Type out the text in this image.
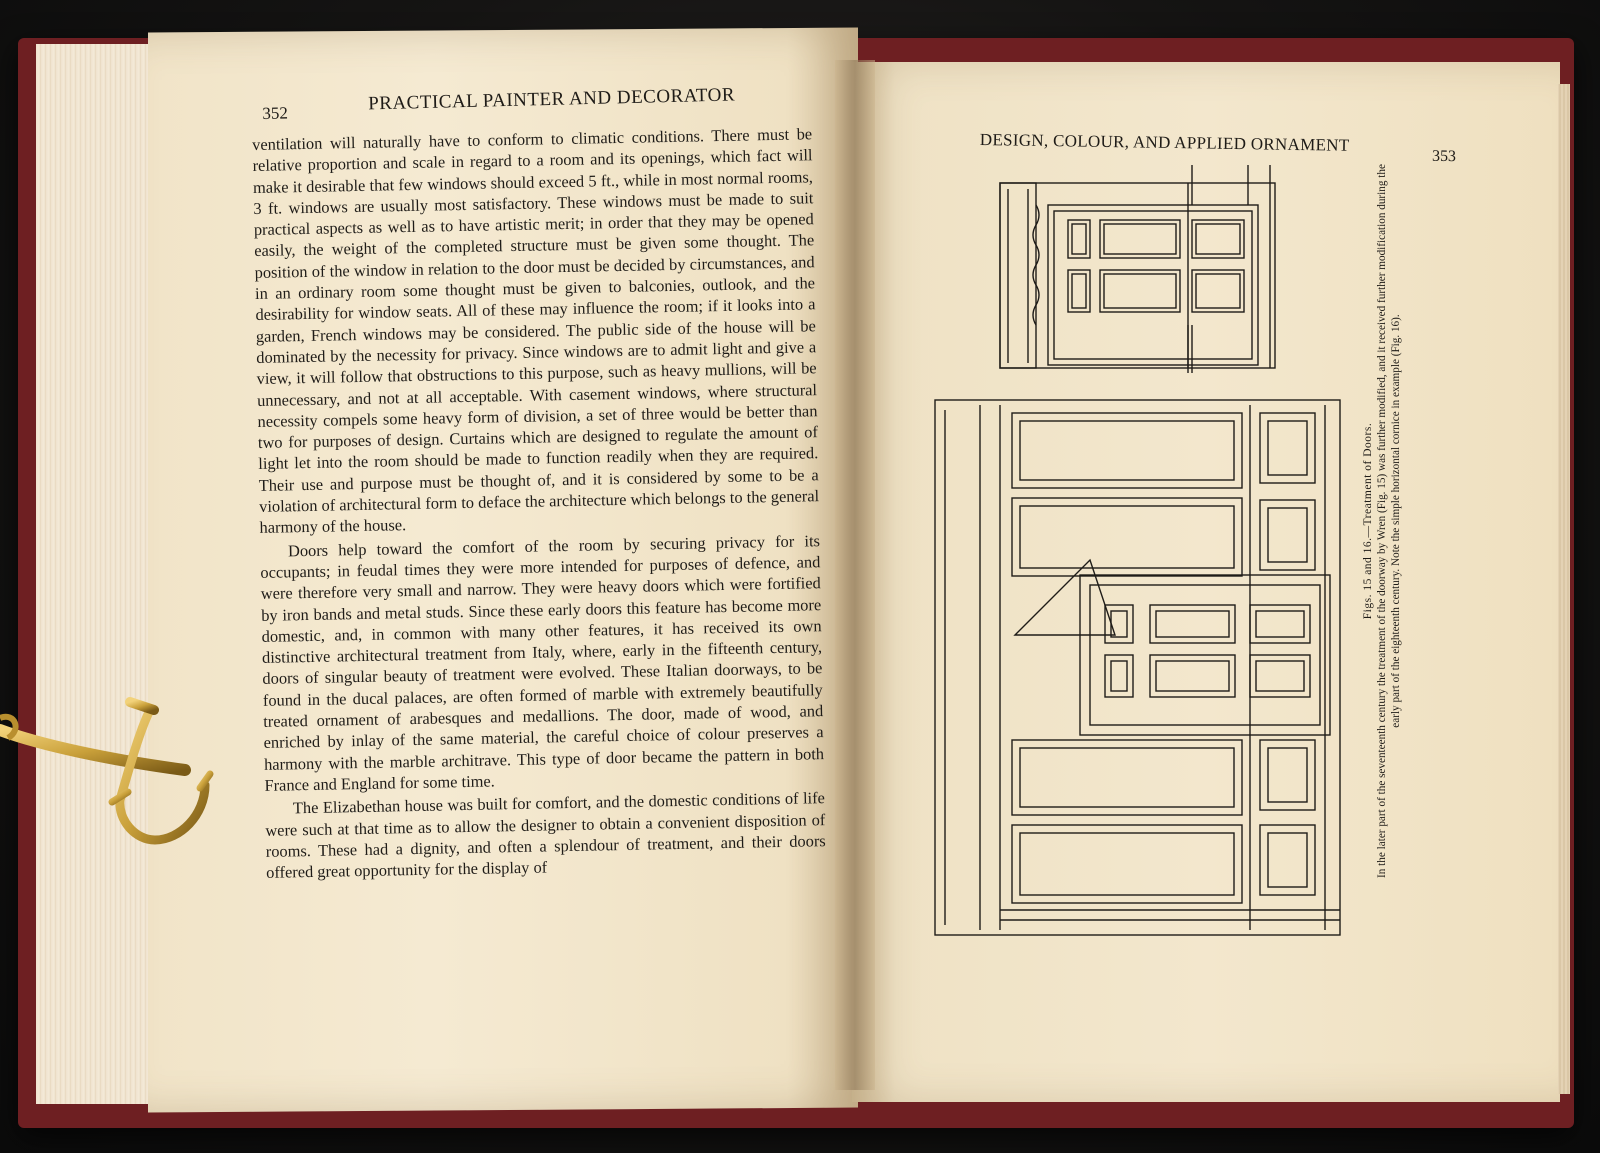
352	PRACTICAL PAINTER AND DECORATOR

ventilation will naturally have to conform to climatic conditions. There must be relative proportion and scale in regard to a room and its openings, which fact will make it desirable that few windows should exceed 5 ft., while in most normal rooms, 3 ft. windows are usually most satisfactory. These windows must be made to suit practical aspects as well as to have artistic merit; in order that they may be opened easily, the weight of the completed structure must be given some thought. The position of the window in relation to the door must be decided by circumstances, and in an ordinary room some thought must be given to balconies, outlook, and the desirability for window seats. All of these may influence the room; if it looks into a garden, French windows may be considered. The public side of the house will be dominated by the necessity for privacy. Since windows are to admit light and give a view, it will follow that obstructions to this purpose, such as heavy mullions, will be unnecessary, and not at all acceptable. With casement windows, where structural necessity compels some heavy form of division, a set of three would be better than two for purposes of design. Curtains which are designed to regulate the amount of light let into the room should be made to function readily when they are required. Their use and purpose must be thought of, and it is considered by some to be a violation of architectural form to deface the architecture which belongs to the general harmony of the house.

Doors help toward the comfort of the room by securing privacy for its occupants; in feudal times they were more intended for purposes of defence, and were therefore very small and narrow. They were heavy doors which were fortified by iron bands and metal studs. Since these early doors this feature has become more domestic, and, in common with many other features, it has received its own distinctive architectural treatment from Italy, where, early in the fifteenth century, doors of singular beauty of treatment were evolved. These Italian doorways, to be found in the ducal palaces, are often formed of marble with extremely beautifully treated ornament of arabesques and medallions. The door, made of wood, and enriched by inlay of the same material, the careful choice of colour preserves a harmony with the marble architrave. This type of door became the pattern in both France and England for some time.

The Elizabethan house was built for comfort, and the domestic conditions of life were such at that time as to allow the designer to obtain a convenient disposition of rooms. These had a dignity, and often a splendour of treatment, and their doors offered great opportunity for the display of

DESIGN, COLOUR, AND APPLIED ORNAMENT
353
Figs. 15 and 16.—Treatment of Doors. In the later part of the seventeenth century the treatment of the doorway by Wren (Fig. 15) was further modified, and it received further modification during the early part of the eighteenth century. Note the simple horizontal cornice in example (Fig. 16).
